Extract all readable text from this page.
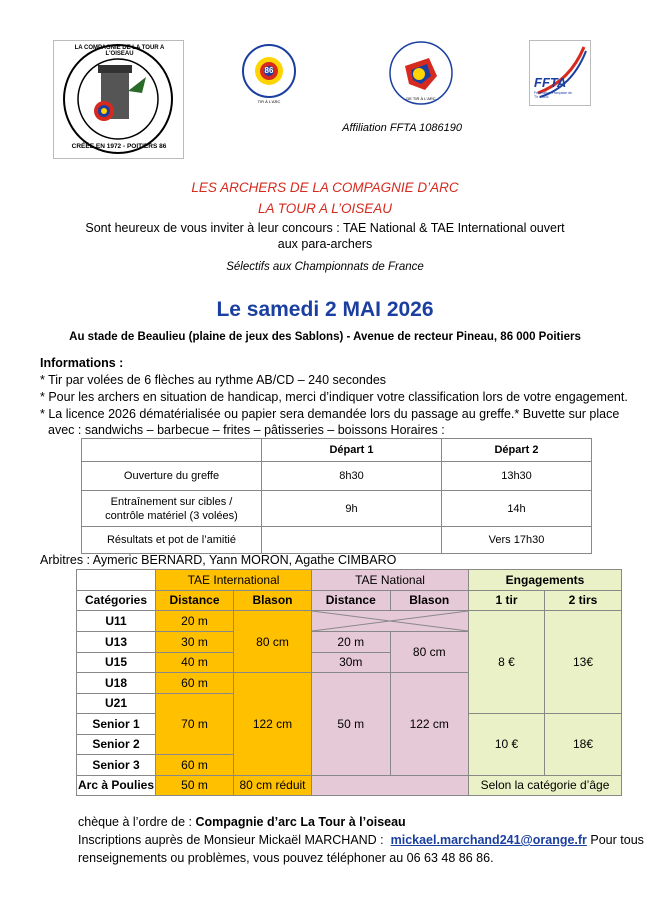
LA COMPAGNIE DE LA TOUR A L'OISEAU
CRÉÉE EN 1972 - POITIERS 86
86
TIR À L'ARC
DE TIR À L'ARC
FFTA
Fédération Française de Tir à l'Arc
Affiliation FFTA 1086190
LES ARCHERS DE LA COMPAGNIE D’ARC
LA TOUR A L’OISEAU
Sont heureux de vous inviter à leur concours : TAE National & TAE International ouvert
aux para-archers
Sélectifs aux Championnats de France
Le samedi 2 MAI 2026
Au stade de Beaulieu (plaine de jeux des Sablons) - Avenue de recteur Pineau, 86 000 Poitiers
Informations :
* Tir par volées de 6 flèches au rythme AB/CD – 240 secondes
* Pour les archers en situation de handicap, merci d’indiquer votre classification lors de votre engagement.
* La licence 2026 dématérialisée ou papier sera demandée lors du passage au greffe.* Buvette sur place
avec : sandwichs – barbecue – frites – pâtisseries – boissons Horaires :
	Départ 1	Départ 2
Ouverture du greffe	8h30	13h30
Entraînement sur cibles / contrôle matériel (3 volées)	9h	14h
Résultats et pot de l’amitié		Vers 17h30
Arbitres : Aymeric BERNARD, Yann MORON, Agathe CIMBARO
	TAE International		TAE National		Engagements	
Catégories	Distance	Blason	Distance	Blason	1 tir	2 tirs
U11	20 m	80 cm			8 €	13€
U13	30 m		20 m	80 cm		
U15	40 m		30m			
U18	60 m	122 cm	50 m	122 cm		
U21	70 m					
Senior 1					10 €	18€
Senior 2						
Senior 3	60 m					
Arc à Poulies	50 m	80 cm réduit			Selon la catégorie d’âge	
chèque à l’ordre de : Compagnie d’arc La Tour à l’oiseau
Inscriptions auprès de Monsieur Mickaël MARCHAND :  mickael.marchand241@orange.fr Pour tous
renseignements ou problèmes, vous pouvez téléphoner au 06 63 48 86 86.
